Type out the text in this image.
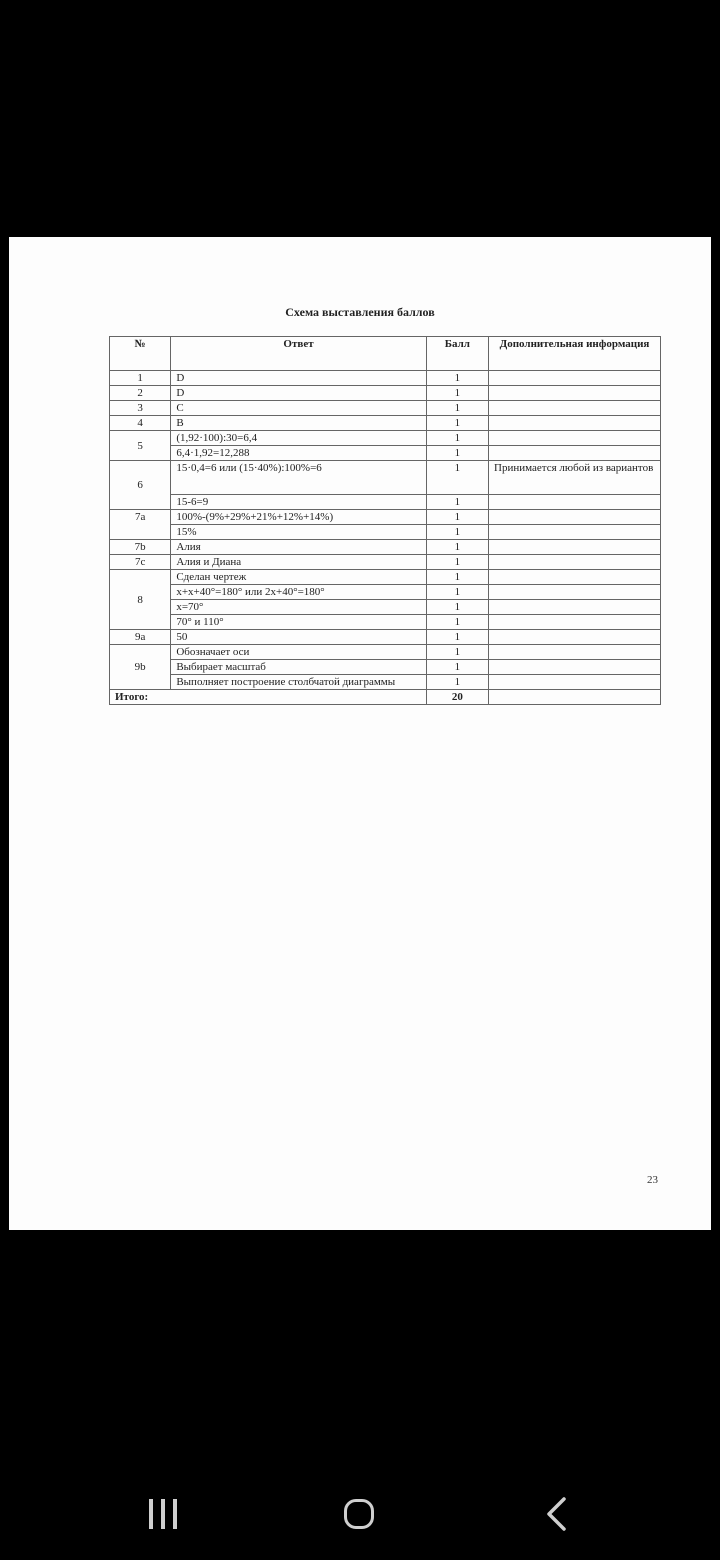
Схема выставления баллов
№	Ответ	Балл	Дополнительная информация
1	D	1	
2	D	1	
3	C	1	
4	B	1	
5	(1,92·100):30=6,4	1	
	6,4·1,92=12,288	1	
6	15·0,4=6 или (15·40%):100%=6	1	Принимается любой из вариантов
	15-6=9	1	
7a	100%-(9%+29%+21%+12%+14%)	1	
	15%	1	
7b	Алия	1	
7c	Алия и Диана	1	
8	Сделан чертеж	1	
	x+x+40°=180° или 2x+40°=180°	1	
	x=70°	1	
	70° и 110°	1	
9a	50	1	
9b	Обозначает оси	1	
	Выбирает масштаб	1	
	Выполняет построение столбчатой диаграммы	1	
Итого:		20	
23
